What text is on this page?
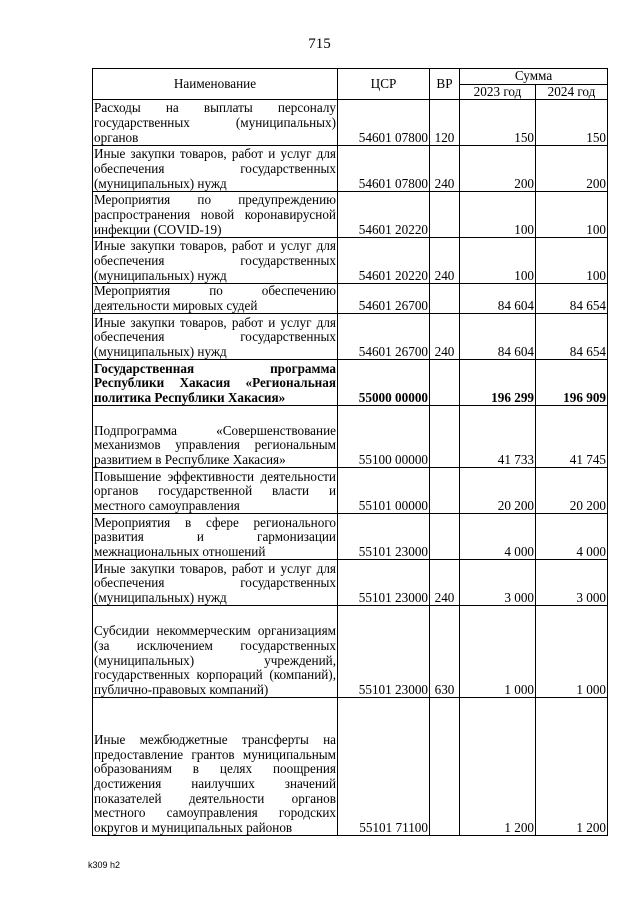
715
Наименование	ЦСР	ВР	Сумма	
			2023 год	2024 год
Расходы на выплаты персоналу государственных (муниципальных) органов	54601 07800	120	150	150
Иные закупки товаров, работ и услуг для обеспечения государственных (муниципальных) нужд	54601 07800	240	200	200
Мероприятия по предупреждению распространения новой коронавирусной инфекции (COVID-19)	54601 20220		100	100
Иные закупки товаров, работ и услуг для обеспечения государственных (муниципальных) нужд	54601 20220	240	100	100
Мероприятия по обеспечению деятельности мировых судей	54601 26700		84 604	84 654
Иные закупки товаров, работ и услуг для обеспечения государственных (муниципальных) нужд	54601 26700	240	84 604	84 654
Государственная программа Республики Хакасия «Региональная политика Республики Хакасия»	55000 00000		196 299	196 909
Подпрограмма «Совершенствование механизмов управления региональным развитием в Республике Хакасия»	55100 00000		41 733	41 745
Повышение эффективности деятельности органов государственной власти и местного самоуправления	55101 00000		20 200	20 200
Мероприятия в сфере регионального развития и гармонизации межнациональных отношений	55101 23000		4 000	4 000
Иные закупки товаров, работ и услуг для обеспечения государственных (муниципальных) нужд	55101 23000	240	3 000	3 000
Субсидии некоммерческим организациям (за исключением государственных (муниципальных) учреждений, государственных корпораций (компаний), публично-правовых компаний)	55101 23000	630	1 000	1 000
Иные межбюджетные трансферты на предоставление грантов муниципальным образованиям в целях поощрения достижения наилучших значений показателей деятельности органов местного самоуправления городских округов и муниципальных районов	55101 71100		1 200	1 200
k309 h2
